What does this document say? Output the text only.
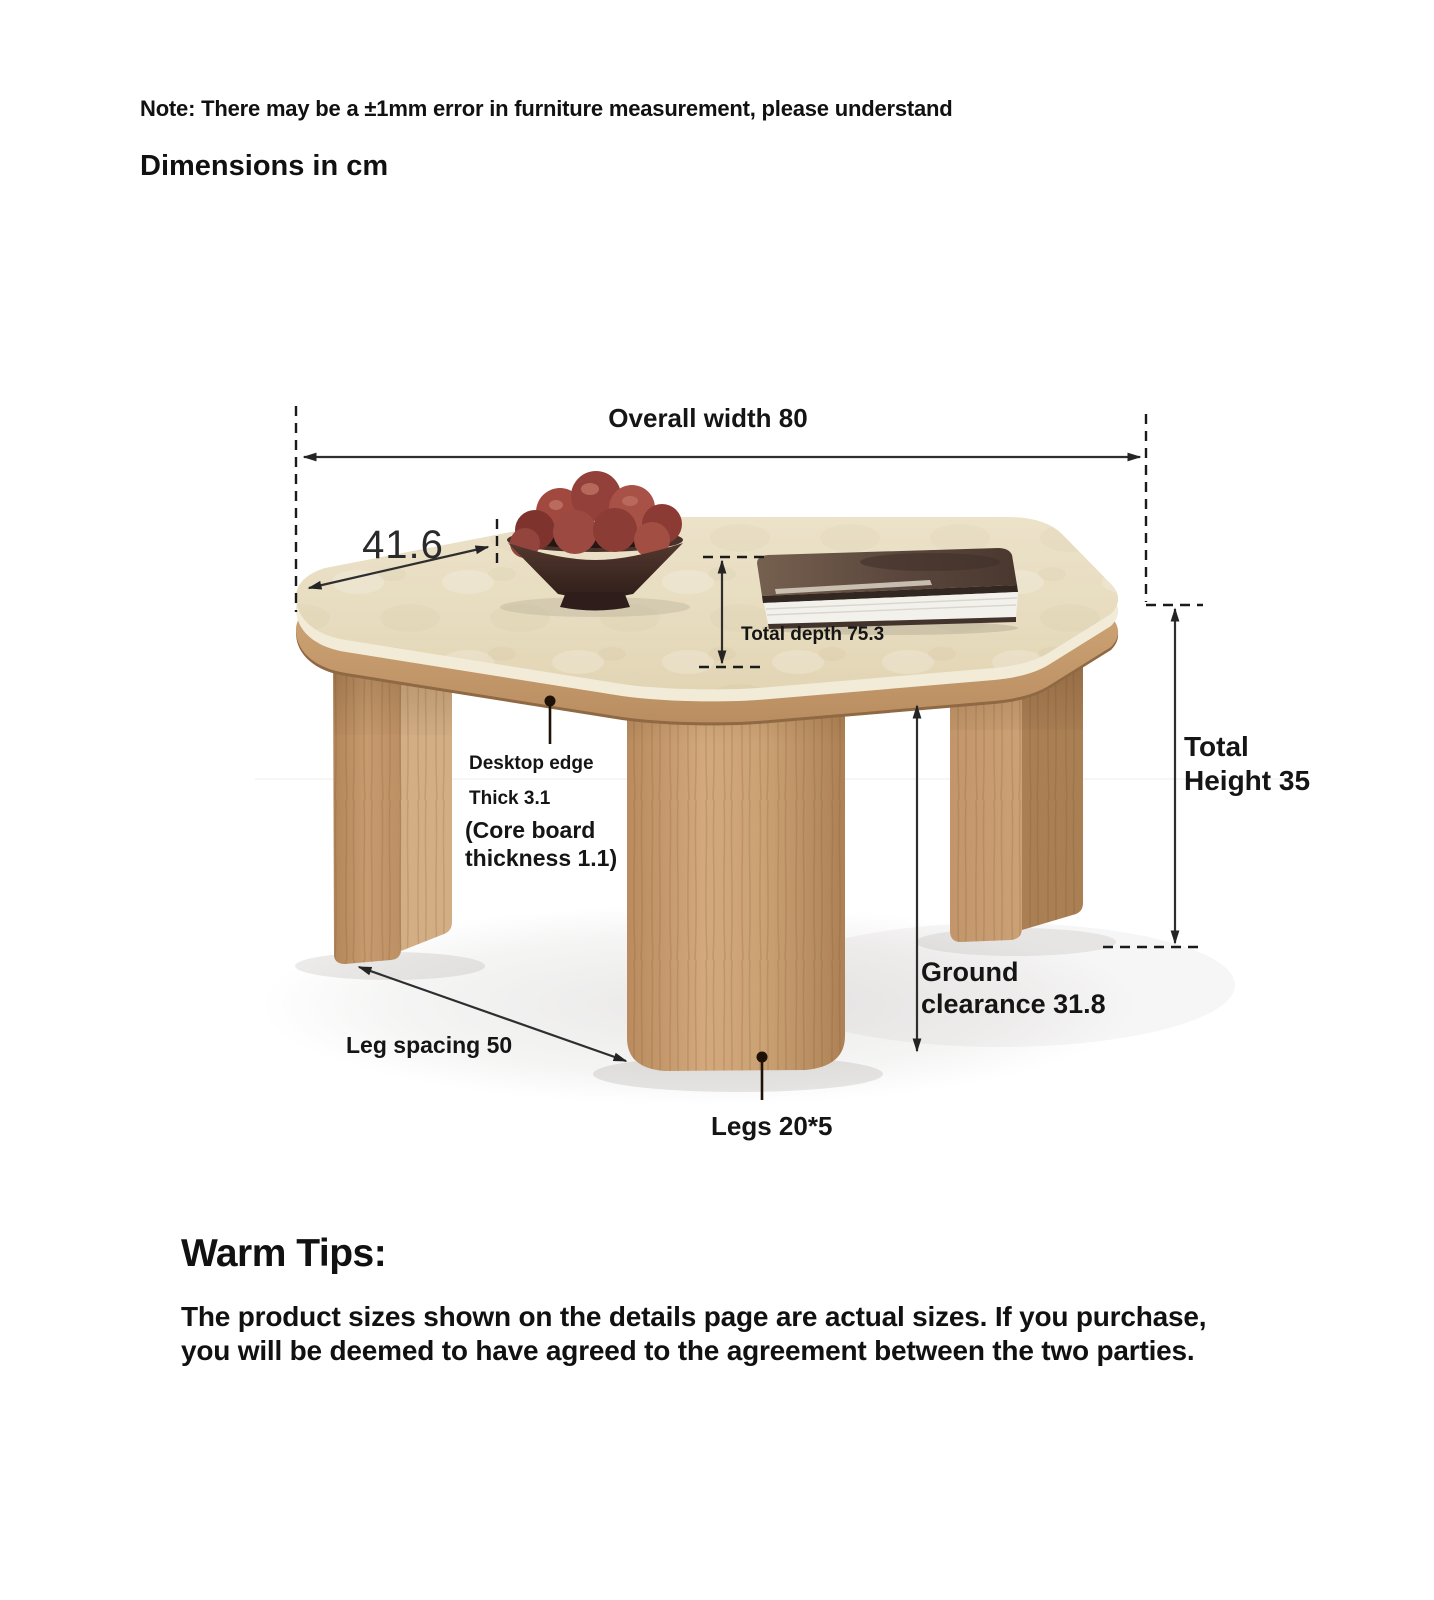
Note: There may be a ±1mm error in furniture measurement, please understand
Dimensions in cm
Overall width 80
41.6
Total depth 75.3
Desktop edge
Thick 3.1
(Core board
thickness 1.1)
Total
Height 35
Ground
clearance 31.8
Leg spacing 50
Legs 20*5
Warm Tips:
The product sizes shown on the details page are actual sizes. If you purchase, you will be deemed to have agreed to the agreement between the two parties.
